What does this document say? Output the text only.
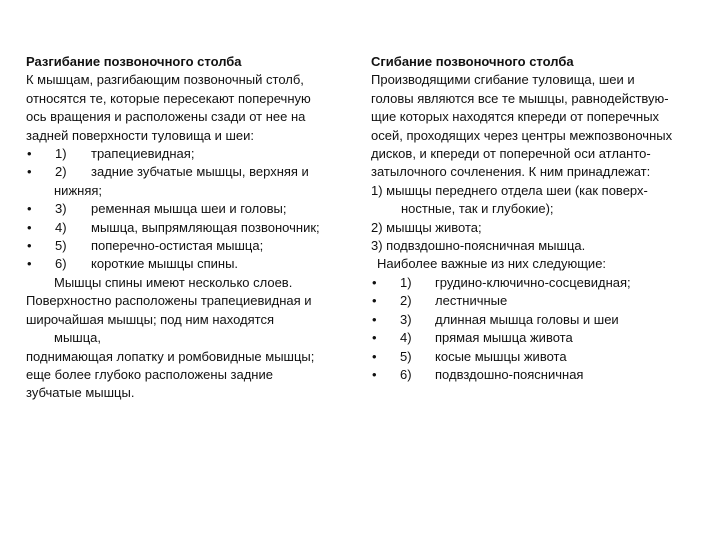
Разгибание позвоночного столба
К мышцам, разгибающим позвоночный столб,
относятся те, которые пересекают поперечную
ось вращения и расположены сзади от нее на
задней поверхности туловища и шеи:
•	1)	трапециевидная;
•	2)	задние зубчатые мышцы, верхняя и
нижняя;
•	3)	ременная мышца шеи и головы;
•	4)	мышца, выпрямляющая позвоночник;
•	5)	поперечно-остистая мышца;
•	6)	короткие мышцы спины.
Мышцы спины имеют несколько слоев.
Поверхностно расположены трапециевидная и
широчайшая мышцы; под ним находятся
мышца,
поднимающая лопатку и ромбовидные мышцы;
еще более глубоко расположены задние
зубчатые мышцы.
Сгибание позвоночного столба
Производящими сгибание туловища, шеи и
головы являются все те мышцы, равнодействую-
щие которых находятся кпереди от поперечных
осей, проходящих через центры межпозвоночных
дисков, и кпереди от поперечной оси атланто-
затылочного сочленения. К ним принадлежат:
1) мышцы переднего отдела шеи (как поверх-
ностные, так и глубокие);
2) мышцы живота;
3) подвздошно-поясничная мышца.
Наиболее важные из них следующие:
•	1)	грудино-ключично-сосцевидная;
•	2)	лестничные
•	3)	длинная мышца головы и шеи
•	4)	прямая мышца живота
•	5)	косые мышцы живота
•	6)	подвздошно-поясничная
